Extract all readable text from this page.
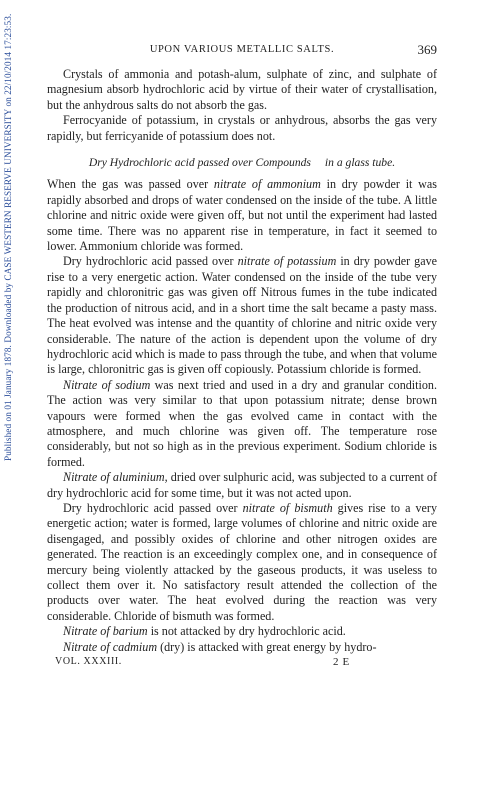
Published on 01 January 1878. Downloaded by CASE WESTERN RESERVE UNIVERSITY on 22/10/2014 17:23:53.	UPON VARIOUS METALLIC SALTS.	369

Crystals of ammonia and potash-alum, sulphate of zinc, and sulphate of magnesium absorb hydrochloric acid by virtue of their water of crystallisation, but the anhydrous salts do not absorb the gas.

Ferrocyanide of potassium, in crystals or anhydrous, absorbs the gas very rapidly, but ferricyanide of potassium does not.

Dry Hydrochloric acid passed over Compounds in a glass tube.

When the gas was passed over nitrate of ammonium in dry powder it was rapidly absorbed and drops of water condensed on the inside of the tube. A little chlorine and nitric oxide were given off, but not until the experiment had lasted some time. There was no apparent rise in temperature, in fact it seemed to lower. Ammonium chloride was formed.

Dry hydrochloric acid passed over nitrate of potassium in dry powder gave rise to a very energetic action. Water condensed on the inside of the tube very rapidly and chloronitric gas was given off Nitrous fumes in the tube indicated the production of nitrous acid, and in a short time the salt became a pasty mass. The heat evolved was intense and the quantity of chlorine and nitric oxide very considerable. The nature of the action is dependent upon the volume of dry hydrochloric acid which is made to pass through the tube, and when that volume is large, chloronitric gas is given off copiously. Potassium chloride is formed.

Nitrate of sodium was next tried and used in a dry and granular condition. The action was very similar to that upon potassium nitrate; dense brown vapours were formed when the gas evolved came in contact with the atmosphere, and much chlorine was given off. The temperature rose considerably, but not so high as in the previous experiment. Sodium chloride is formed.

Nitrate of aluminium, dried over sulphuric acid, was subjected to a current of dry hydrochloric acid for some time, but it was not acted upon.

Dry hydrochloric acid passed over nitrate of bismuth gives rise to a very energetic action; water is formed, large volumes of chlorine and nitric oxide are disengaged, and possibly oxides of chlorine and other nitrogen oxides are generated. The reaction is an exceedingly complex one, and in consequence of mercury being violently attacked by the gaseous products, it was useless to collect them over it. No satisfactory result attended the collection of the products over water. The heat evolved during the reaction was very considerable. Chloride of bismuth was formed.

Nitrate of barium is not attacked by dry hydrochloric acid.

Nitrate of cadmium (dry) is attacked with great energy by hydro-

VOL. XXXIII.	2 E
